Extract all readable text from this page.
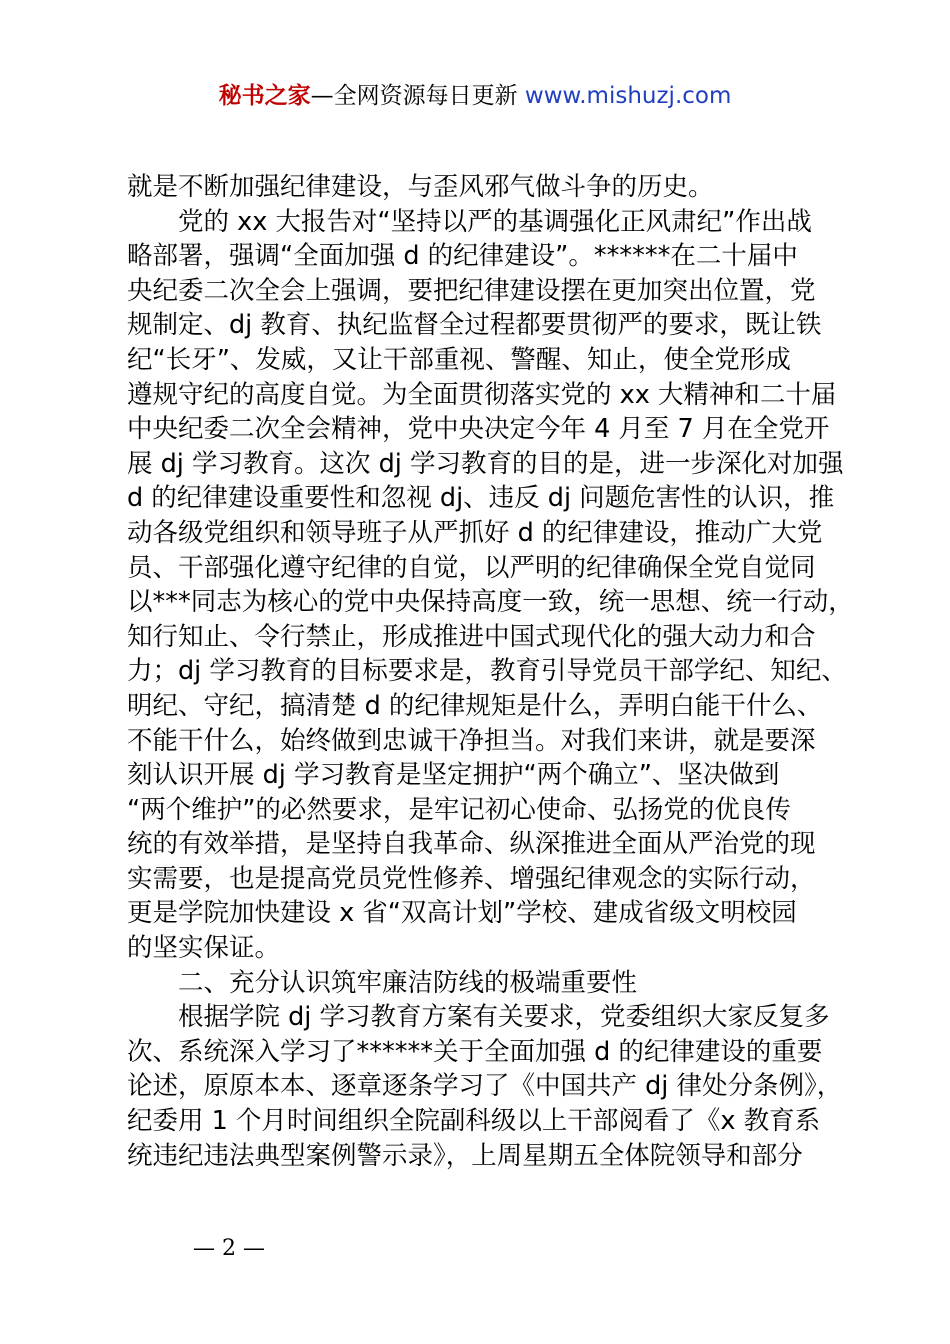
秘书之家—全网资源每日更新 www.mishuzj.com
就是不断加强纪律建设，与歪风邪气做斗争的历史。
党的 xx 大报告对“坚持以严的基调强化正风肃纪”作出战
略部署，强调“全面加强 d 的纪律建设”。******在二十届中
央纪委二次全会上强调，要把纪律建设摆在更加突出位置，党
规制定、dj 教育、执纪监督全过程都要贯彻严的要求，既让铁
纪“长牙”、发威，又让干部重视、警醒、知止，使全党形成
遵规守纪的高度自觉。为全面贯彻落实党的 xx 大精神和二十届
中央纪委二次全会精神，党中央决定今年 4 月至 7 月在全党开
展 dj 学习教育。这次 dj 学习教育的目的是，进一步深化对加强
d 的纪律建设重要性和忽视 dj、违反 dj 问题危害性的认识，推
动各级党组织和领导班子从严抓好 d 的纪律建设，推动广大党
员、干部强化遵守纪律的自觉，以严明的纪律确保全党自觉同
以***同志为核心的党中央保持高度一致，统一思想、统一行动，
知行知止、令行禁止，形成推进中国式现代化的强大动力和合
力；dj 学习教育的目标要求是，教育引导党员干部学纪、知纪、
明纪、守纪，搞清楚 d 的纪律规矩是什么，弄明白能干什么、
不能干什么，始终做到忠诚干净担当。对我们来讲，就是要深
刻认识开展 dj 学习教育是坚定拥护“两个确立”、坚决做到
“两个维护”的必然要求，是牢记初心使命、弘扬党的优良传
统的有效举措，是坚持自我革命、纵深推进全面从严治党的现
实需要，也是提高党员党性修养、增强纪律观念的实际行动，
更是学院加快建设 x 省“双高计划”学校、建成省级文明校园
的坚实保证。
二、充分认识筑牢廉洁防线的极端重要性
根据学院 dj 学习教育方案有关要求，党委组织大家反复多
次、系统深入学习了******关于全面加强 d 的纪律建设的重要
论述，原原本本、逐章逐条学习了《中国共产 dj 律处分条例》，
纪委用 1 个月时间组织全院副科级以上干部阅看了《x 教育系
统违纪违法典型案例警示录》，上周星期五全体院领导和部分
— 2 —
